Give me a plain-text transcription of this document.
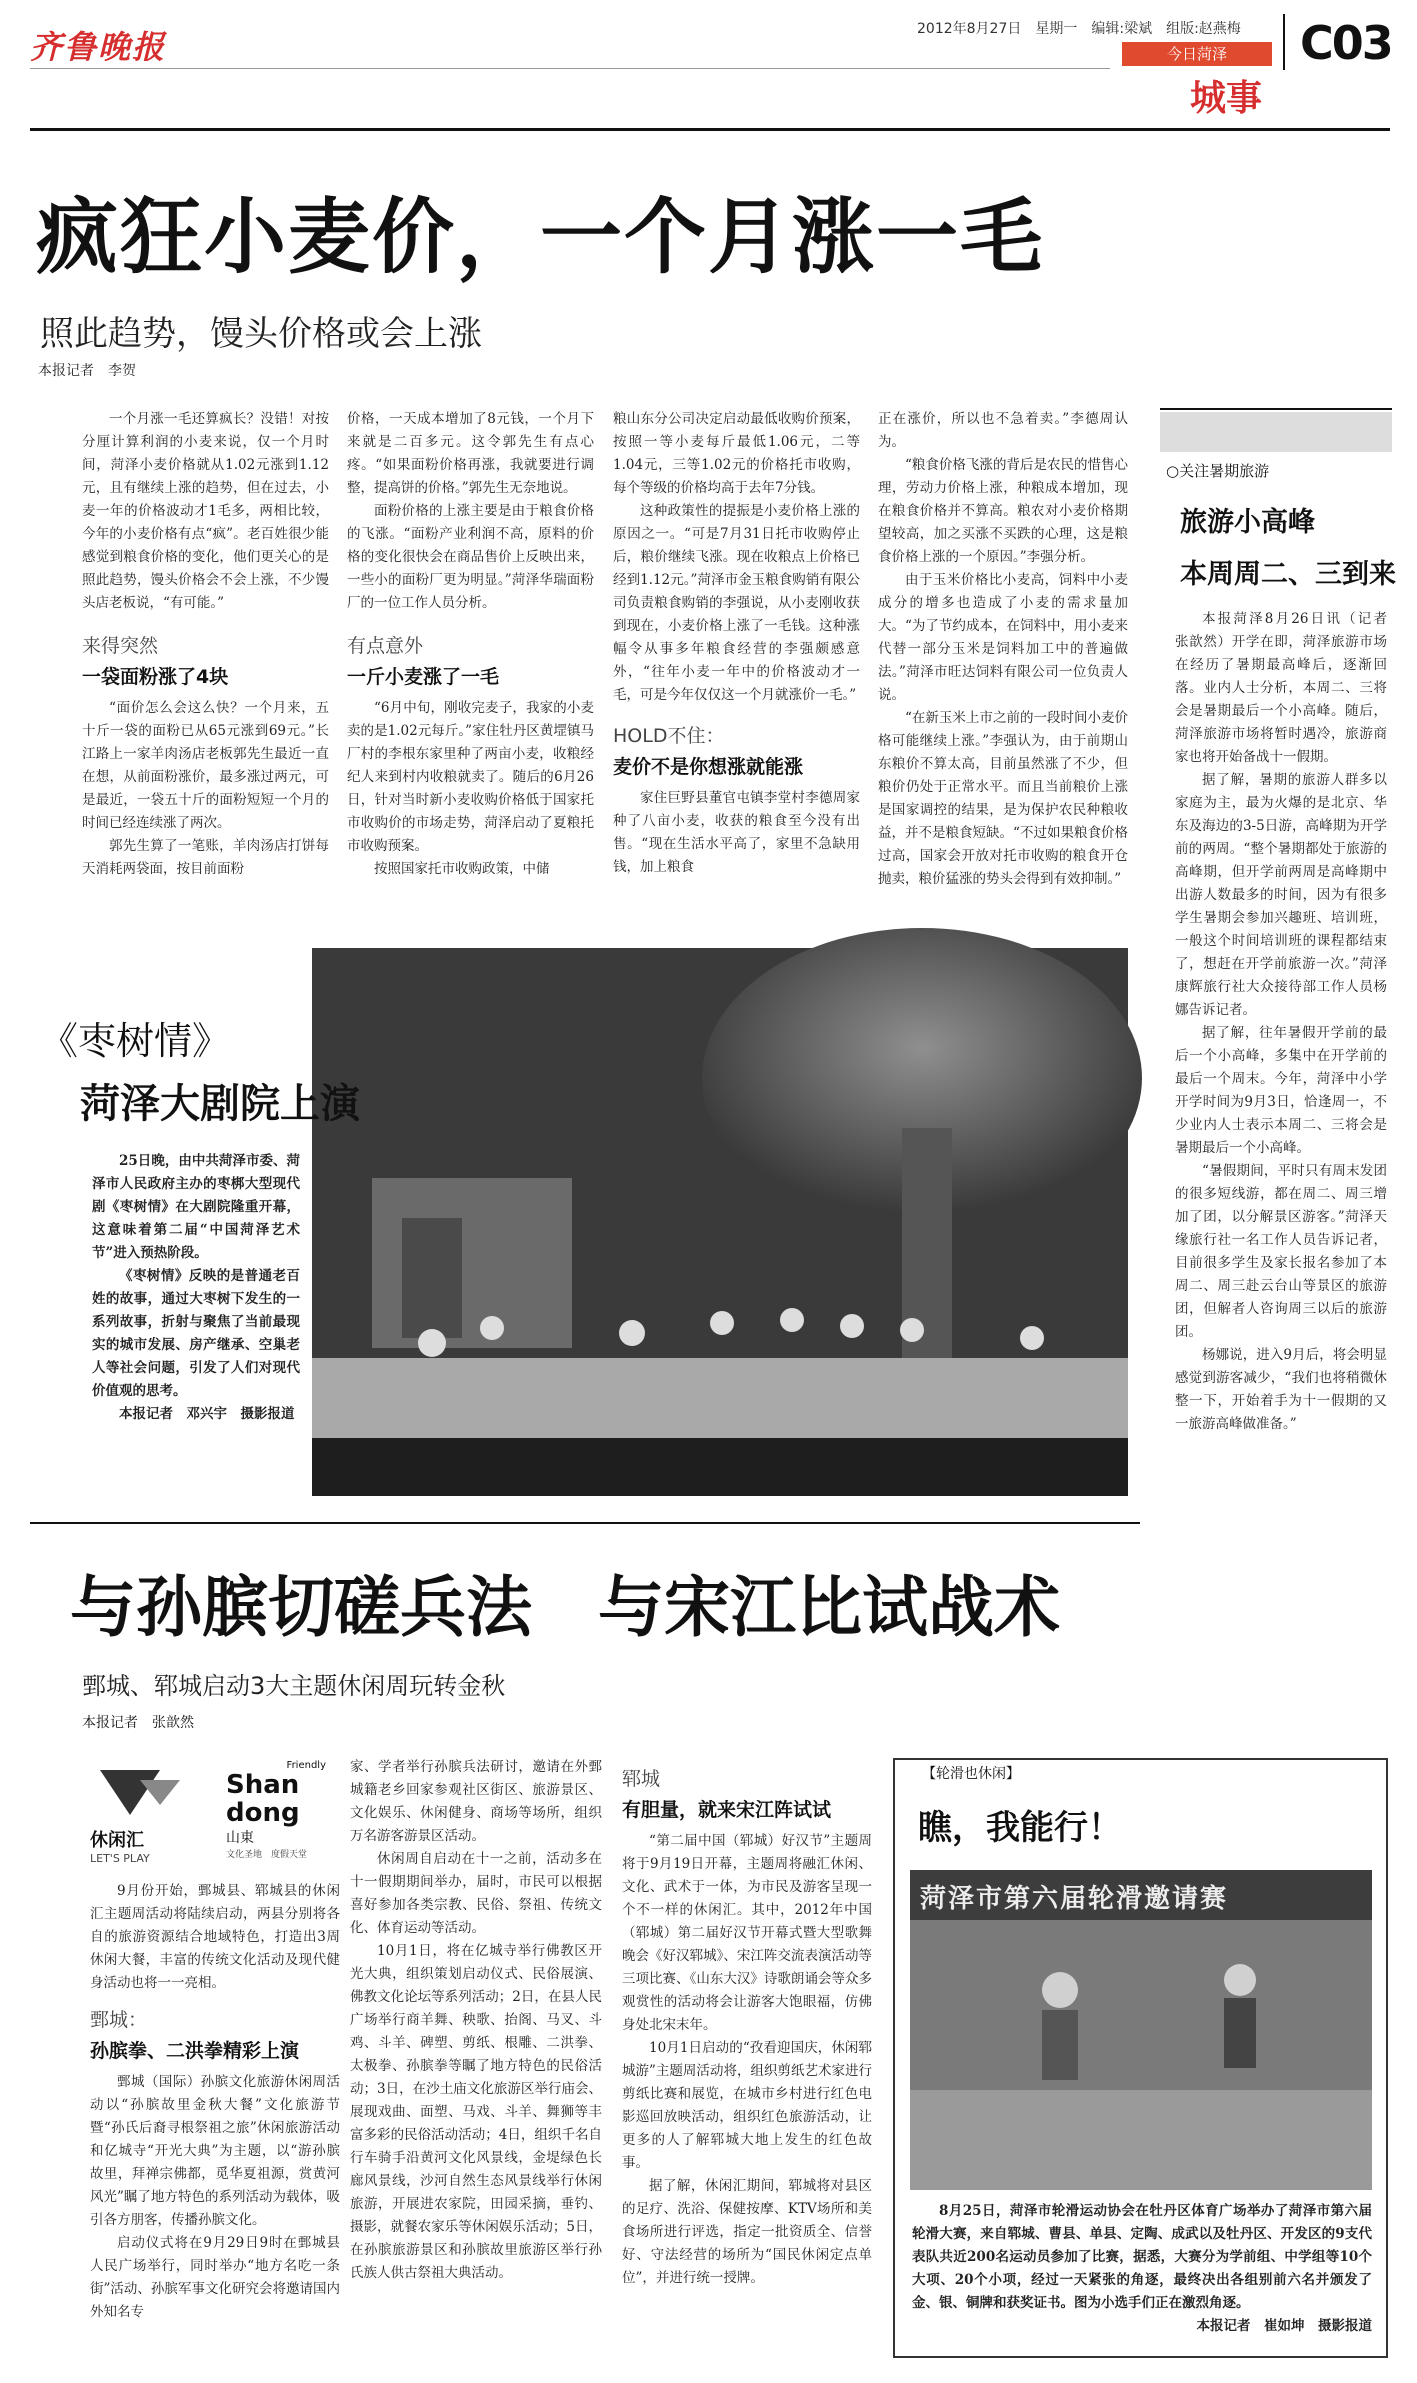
齐鲁晚报	2012年8月27日　星期一　编辑:梁斌　组版:赵燕梅
今日菏泽
城事
C03
疯狂小麦价，一个月涨一毛
照此趋势，馒头价格或会上涨
本报记者　李贺
一个月涨一毛还算疯长？没错！对按分厘计算利润的小麦来说，仅一个月时间，菏泽小麦价格就从1.02元涨到1.12元，且有继续上涨的趋势，但在过去，小麦一年的价格波动才1毛多，两相比较，今年的小麦价格有点“疯”。老百姓很少能感觉到粮食价格的变化，他们更关心的是照此趋势，馒头价格会不会上涨，不少馒头店老板说，“有可能。”
来得突然
一袋面粉涨了4块
“面价怎么会这么快？一个月来，五十斤一袋的面粉已从65元涨到69元。”长江路上一家羊肉汤店老板郭先生最近一直在想，从前面粉涨价，最多涨过两元，可是最近，一袋五十斤的面粉短短一个月的时间已经连续涨了两次。
郭先生算了一笔账，羊肉汤店打饼每天消耗两袋面，按目前面粉
价格，一天成本增加了8元钱，一个月下来就是二百多元。这令郭先生有点心疼。“如果面粉价格再涨，我就要进行调整，提高饼的价格。”郭先生无奈地说。
面粉价格的上涨主要是由于粮食价格的飞涨。“面粉产业利润不高，原料的价格的变化很快会在商品售价上反映出来，一些小的面粉厂更为明显。”菏泽华瑞面粉厂的一位工作人员分析。
有点意外
一斤小麦涨了一毛
“6月中旬，刚收完麦子，我家的小麦卖的是1.02元每斤。”家住牡丹区黄堽镇马厂村的李根东家里种了两亩小麦，收粮经纪人来到村内收粮就卖了。随后的6月26日，针对当时新小麦收购价格低于国家托市收购价的市场走势，菏泽启动了夏粮托市收购预案。
按照国家托市收购政策，中储
粮山东分公司决定启动最低收购价预案，按照一等小麦每斤最低1.06元，二等1.04元，三等1.02元的价格托市收购，每个等级的价格均高于去年7分钱。
这种政策性的提振是小麦价格上涨的原因之一。“可是7月31日托市收购停止后，粮价继续飞涨。现在收粮点上价格已经到1.12元。”菏泽市金玉粮食购销有限公司负责粮食购销的李强说，从小麦刚收获到现在，小麦价格上涨了一毛钱。这种涨幅令从事多年粮食经营的李强颇感意外，“往年小麦一年中的价格波动才一毛，可是今年仅仅这一个月就涨价一毛。”
HOLD不住：
麦价不是你想涨就能涨
家住巨野县董官屯镇李堂村李德周家种了八亩小麦，收获的粮食至今没有出售。“现在生活水平高了，家里不急缺用钱，加上粮食
正在涨价，所以也不急着卖。”李德周认为。
“粮食价格飞涨的背后是农民的惜售心理，劳动力价格上涨，种粮成本增加，现在粮食价格并不算高。粮农对小麦价格期望较高，加之买涨不买跌的心理，这是粮食价格上涨的一个原因。”李强分析。
由于玉米价格比小麦高，饲料中小麦成分的增多也造成了小麦的需求量加大。“为了节约成本，在饲料中，用小麦来代替一部分玉米是饲料加工中的普遍做法。”菏泽市旺达饲料有限公司一位负责人说。
“在新玉米上市之前的一段时间小麦价格可能继续上涨。”李强认为，由于前期山东粮价不算太高，目前虽然涨了不少，但粮价仍处于正常水平。而且当前粮价上涨是国家调控的结果，是为保护农民种粮收益，并不是粮食短缺。“不过如果粮食价格过高，国家会开放对托市收购的粮食开仓抛卖，粮价猛涨的势头会得到有效抑制。”
○关注暑期旅游
旅游小高峰
本周周二、三到来
本报菏泽8月26日讯（记者　张歆然）开学在即，菏泽旅游市场在经历了暑期最高峰后，逐渐回落。业内人士分析，本周二、三将会是暑期最后一个小高峰。随后，菏泽旅游市场将暂时遇冷，旅游商家也将开始备战十一假期。
据了解，暑期的旅游人群多以家庭为主，最为火爆的是北京、华东及海边的3-5日游，高峰期为开学前的两周。“整个暑期都处于旅游的高峰期，但开学前两周是高峰期中出游人数最多的时间，因为有很多学生暑期会参加兴趣班、培训班，一般这个时间培训班的课程都结束了，想赶在开学前旅游一次。”菏泽康辉旅行社大众接待部工作人员杨娜告诉记者。
据了解，往年暑假开学前的最后一个小高峰，多集中在开学前的最后一个周末。今年，菏泽中小学开学时间为9月3日，恰逢周一，不少业内人士表示本周二、三将会是暑期最后一个小高峰。
“暑假期间，平时只有周末发团的很多短线游，都在周二、周三增加了团，以分解景区游客。”菏泽天缘旅行社一名工作人员告诉记者，目前很多学生及家长报名参加了本周二、周三赴云台山等景区的旅游团，但解者人咨询周三以后的旅游团。
杨娜说，进入9月后，将会明显感觉到游客减少，“我们也将稍微休整一下，开始着手为十一假期的又一旅游高峰做准备。”
《枣树情》
菏泽大剧院上演
25日晚，由中共菏泽市委、菏泽市人民政府主办的枣梆大型现代剧《枣树情》在大剧院隆重开幕，这意味着第二届“中国菏泽艺术节”进入预热阶段。
《枣树情》反映的是普通老百姓的故事，通过大枣树下发生的一系列故事，折射与聚焦了当前最现实的城市发展、房产继承、空巢老人等社会问题，引发了人们对现代价值观的思考。
本报记者　邓兴宇　摄影报道
与孙膑切磋兵法　与宋江比试战术
鄄城、郓城启动3大主题休闲周玩转金秋
本报记者　张歆然
休闲汇
LET'S PLAY
Friendly
Shan dong
山東
文化圣地　度假天堂
9月份开始，鄄城县、郓城县的休闲汇主题周活动将陆续启动，两县分别将各自的旅游资源结合地域特色，打造出3周休闲大餐，丰富的传统文化活动及现代健身活动也将一一亮相。
鄄城：
孙膑拳、二洪拳精彩上演
鄄城（国际）孙膑文化旅游休闲周活动以“孙膑故里金秋大餐”文化旅游节暨“孙氏后裔寻根祭祖之旅”休闲旅游活动和亿城寺“开光大典”为主题，以“游孙膑故里，拜禅宗佛都，觅华夏祖源，赏黄河风光”瞩了地方特色的系列活动为载体，吸引各方朋客，传播孙膑文化。
启动仪式将在9月29日9时在鄄城县人民广场举行，同时举办“地方名吃一条街”活动、孙膑军事文化研究会将邀请国内外知名专
家、学者举行孙膑兵法研讨，邀请在外鄄城籍老乡回家参观社区街区、旅游景区、文化娱乐、休闲健身、商场等场所，组织万名游客游景区活动。
休闲周自启动在十一之前，活动多在十一假期期间举办，届时，市民可以根据喜好参加各类宗教、民俗、祭祖、传统文化、体育运动等活动。
10月1日，将在亿城寺举行佛教区开光大典，组织策划启动仪式、民俗展演、佛教文化论坛等系列活动；2日，在县人民广场举行商羊舞、秧歌、抬阁、马叉、斗鸡、斗羊、碑塑、剪纸、根雕、二洪拳、太极拳、孙膑拳等瞩了地方特色的民俗活动；3日，在沙土庙文化旅游区举行庙会、展现戏曲、面塑、马戏、斗羊、舞狮等丰富多彩的民俗活动活动；4日，组织千名自行车骑手沿黄河文化风景线，金堤绿色长廊风景线，沙河自然生态风景线举行休闲旅游，开展进农家院，田园采摘，垂钓、摄影，就餐农家乐等休闲娱乐活动；5日，在孙膑旅游景区和孙膑故里旅游区举行孙氏族人供古祭祖大典活动。
郓城
有胆量，就来宋江阵试试
“第二届中国（郓城）好汉节”主题周将于9月19日开幕，主题周将融汇休闲、文化、武术于一体，为市民及游客呈现一个不一样的休闲汇。其中，2012年中国（郓城）第二届好汉节开幕式暨大型歌舞晚会《好汉郓城》、宋江阵交流表演活动等三项比赛、《山东大汉》诗歌朗诵会等众多观赏性的活动将会让游客大饱眼福，仿佛身处北宋末年。
10月1日启动的“孜看迎国庆，休闲郓城游”主题周活动将，组织剪纸艺术家进行剪纸比赛和展览，在城市乡村进行红色电影巡回放映活动，组织红色旅游活动，让更多的人了解郓城大地上发生的红色故事。
据了解，休闲汇期间，郓城将对县区的足疗、洗浴、保健按摩、KTV场所和美食场所进行评选，指定一批资质全、信誉好、守法经营的场所为“国民休闲定点单位”，并进行统一授牌。
【轮滑也休闲】
瞧，我能行！
菏泽市第六届轮滑邀请赛
8月25日，菏泽市轮滑运动协会在牡丹区体育广场举办了菏泽市第六届轮滑大赛，来自郓城、曹县、单县、定陶、成武以及牡丹区、开发区的9支代表队共近200名运动员参加了比赛，据悉，大赛分为学前组、中学组等10个大项、20个小项，经过一天紧张的角逐，最终决出各组别前六名并颁发了金、银、铜牌和获奖证书。图为小选手们正在激烈角逐。
本报记者　崔如坤　摄影报道
